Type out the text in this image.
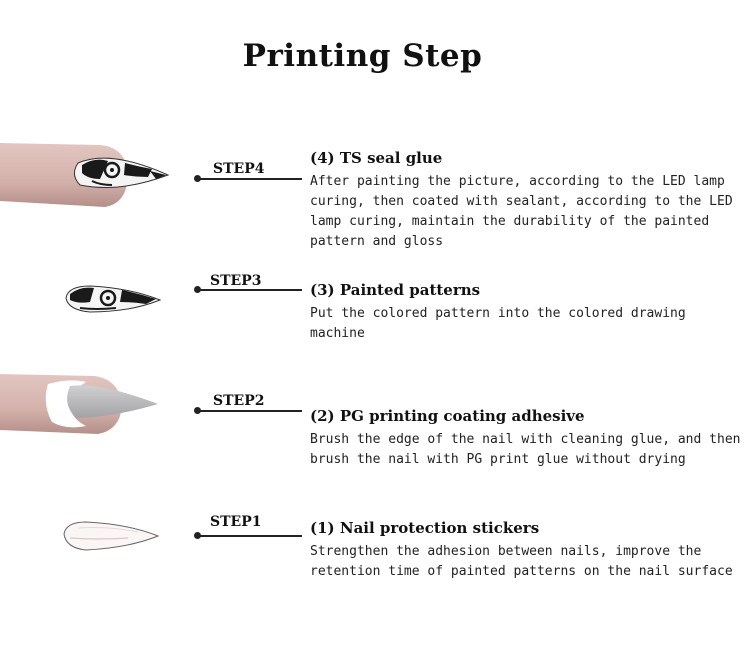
Printing Step
STEP4
(4) TS seal glue
After painting the picture, according to the LED lamp curing, then coated with sealant, according to the LED lamp curing, maintain the durability of the painted pattern and gloss
STEP3	(3) Painted patterns
Put the colored pattern into the colored drawing machine
STEP2
(2) PG printing coating adhesive
Brush the edge of the nail with cleaning glue, and then brush the nail with PG print glue without drying
STEP1	(1) Nail protection stickers
Strengthen the adhesion between nails, improve the retention time of painted patterns on the nail surface
